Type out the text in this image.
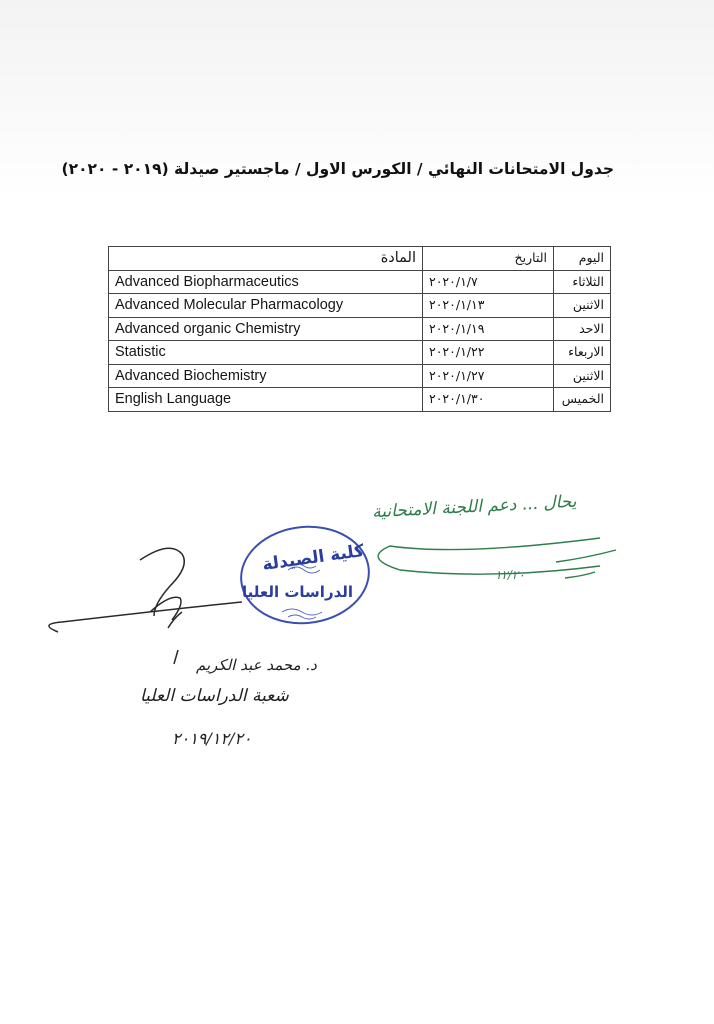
جدول الامتحانات النهائي / الكورس الاول / ماجستير صيدلة (٢٠١٩ - ٢٠٢٠)
اليوم	التاريخ	المادة
الثلاثاء	٢٠٢٠/١/٧	Advanced Biopharmaceutics
الاثنين	٢٠٢٠/١/١٣	Advanced Molecular Pharmacology
الاحد	٢٠٢٠/١/١٩	Advanced organic Chemistry
الاربعاء	٢٠٢٠/١/٢٢	Statistic
الاثنين	٢٠٢٠/١/٢٧	Advanced Biochemistry
الخميس	٢٠٢٠/١/٣٠	English Language
كلية الصيدلة
الدراسات العليا
يحال ... دعم اللجنة الامتحانية
١٢/٢٠
د. محمد عبد الكريم
شعبة الدراسات العليا
٢٠١٩/١٢/٢٠
